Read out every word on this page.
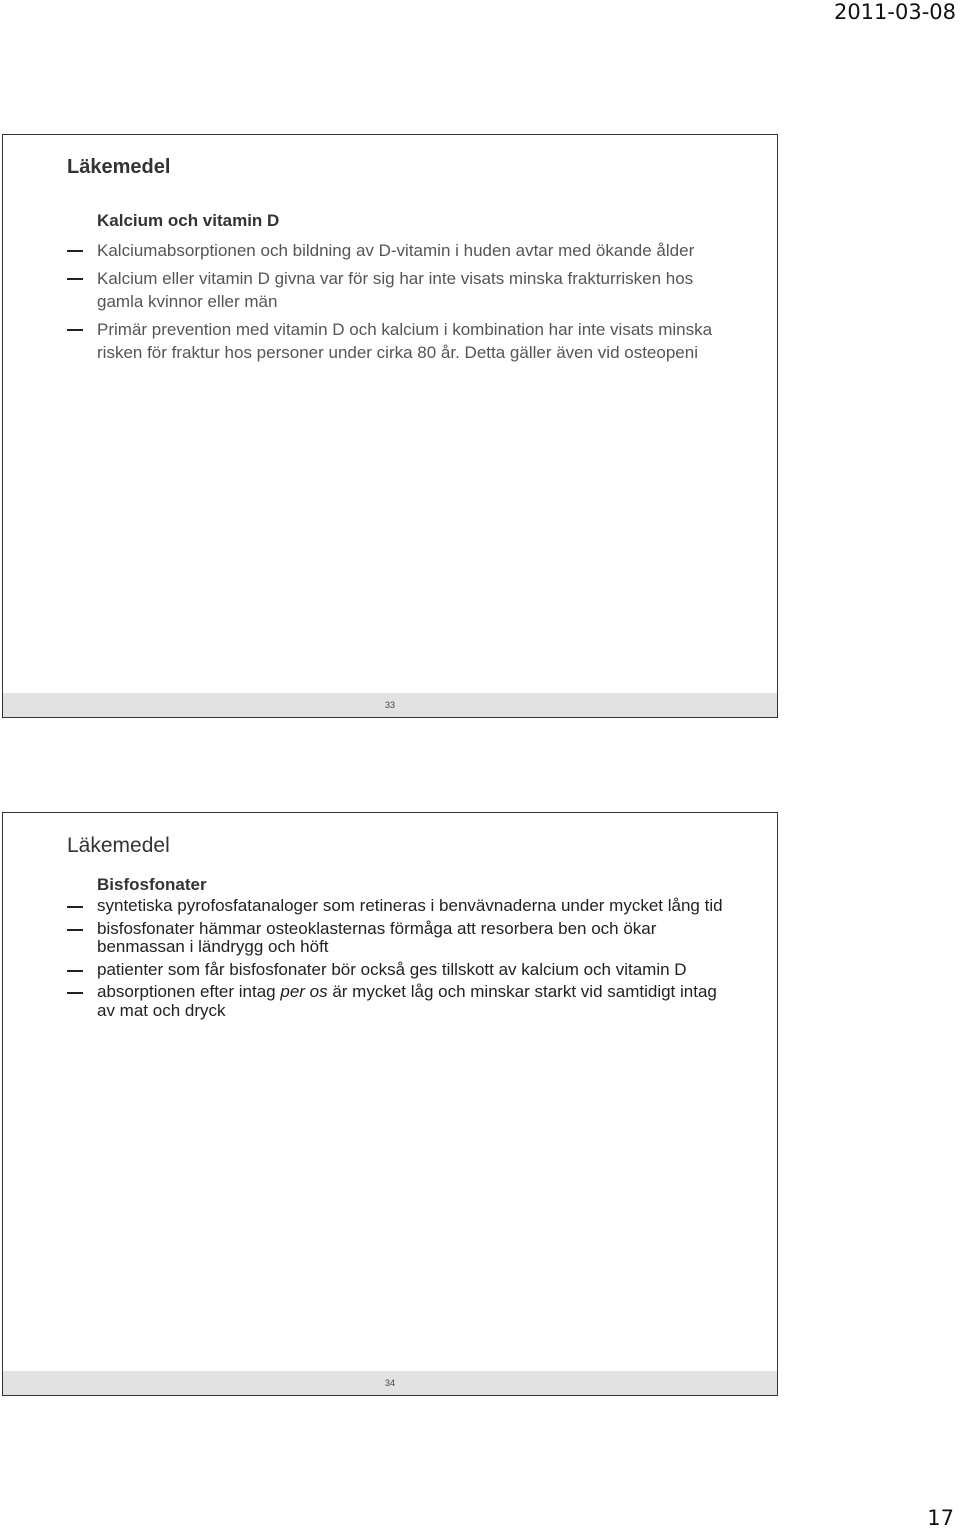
2011-03-08
Läkemedel
Kalcium och vitamin D
Kalciumabsorptionen och bildning av D-vitamin i huden avtar med ökande ålder
Kalcium eller vitamin D givna var för sig har inte visats minska frakturrisken hos gamla kvinnor eller män
Primär prevention med vitamin D och kalcium i kombination har inte visats minska risken för fraktur hos personer under cirka 80 år. Detta gäller även vid osteopeni
33
Läkemedel
Bisfosfonater
syntetiska pyrofosfatanaloger som retineras i benvävnaderna under mycket lång tid
bisfosfonater hämmar osteoklasternas förmåga att resorbera ben och ökar benmassan i ländrygg och höft
patienter som får bisfosfonater bör också ges tillskott av kalcium och vitamin D
absorptionen efter intag per os är mycket låg och minskar starkt vid samtidigt intag av mat och dryck
34
17
